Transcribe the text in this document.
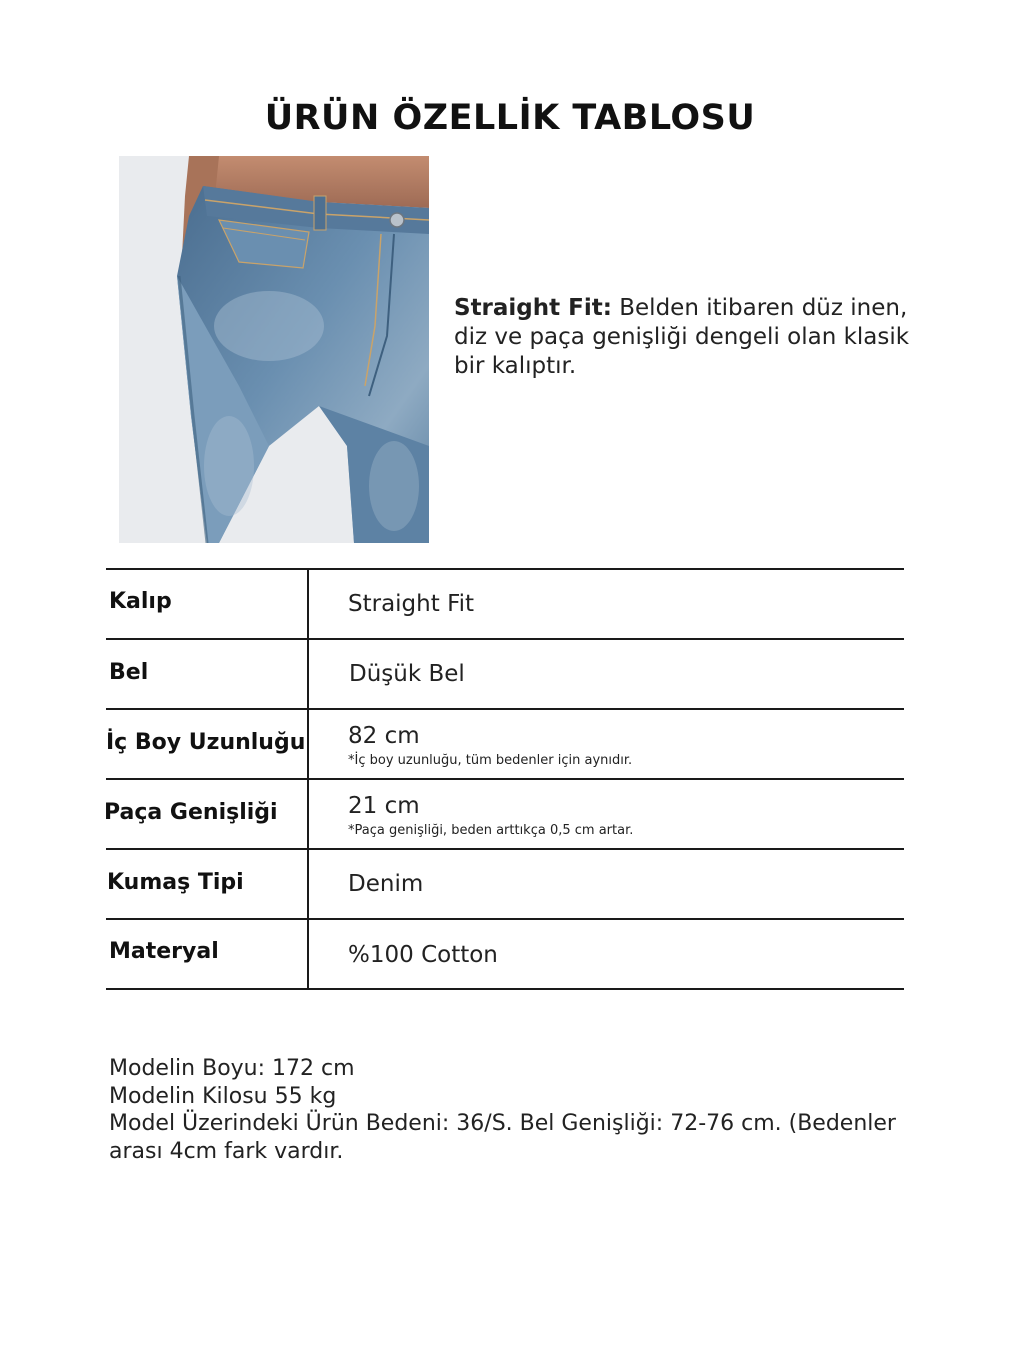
ÜRÜN ÖZELLİK TABLOSU
Straight Fit: Belden itibaren düz inen, diz ve paça genişliği dengeli olan klasik bir kalıptır.
Kalıp	Straight Fit
Bel	Düşük Bel
İç Boy Uzunluğu 82 cm
*İç boy uzunluğu, tüm bedenler için aynıdır.
Paça Genişliği	21 cm
*Paça genişliği, beden arttıkça 0,5 cm artar.
Kumaş Tipi	Denim
Materyal	%100 Cotton
Modelin Boyu: 172 cm
Modelin Kilosu 55 kg
Model Üzerindeki Ürün Bedeni: 36/S. Bel Genişliği: 72-76 cm. (Bedenler arası 4cm fark vardır.
